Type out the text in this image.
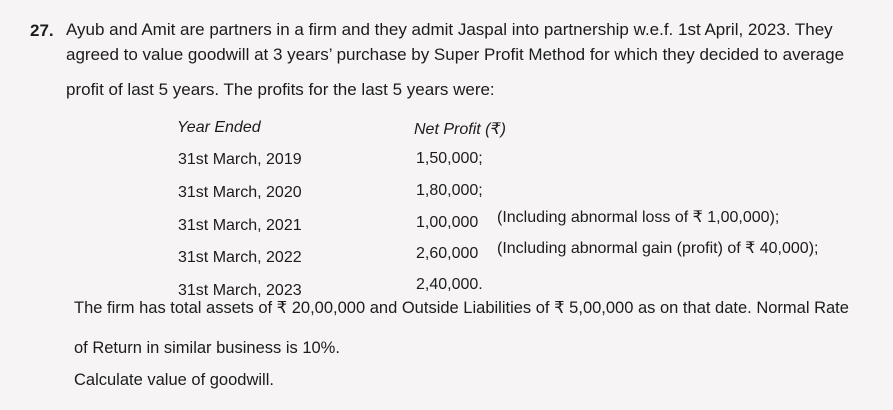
27. Ayub and Amit are partners in a firm and they admit Jaspal into partnership w.e.f. 1st April, 2023. They
agreed to value goodwill at 3 years’ purchase by Super Profit Method for which they decided to average
profit of last 5 years. The profits for the last 5 years were:
Year Ended	Net Profit (₹)
31st March, 2019	1,50,000;
31st March, 2020	1,80,000;
31st March, 2021	1,00,000 (Including abnormal loss of ₹ 1,00,000);
31st March, 2022	2,60,000 (Including abnormal gain (profit) of ₹ 40,000);
31st March, 2023	2,40,000.
The firm has total assets of ₹ 20,00,000 and Outside Liabilities of ₹ 5,00,000 as on that date. Normal Rate
of Return in similar business is 10%.
Calculate value of goodwill.
